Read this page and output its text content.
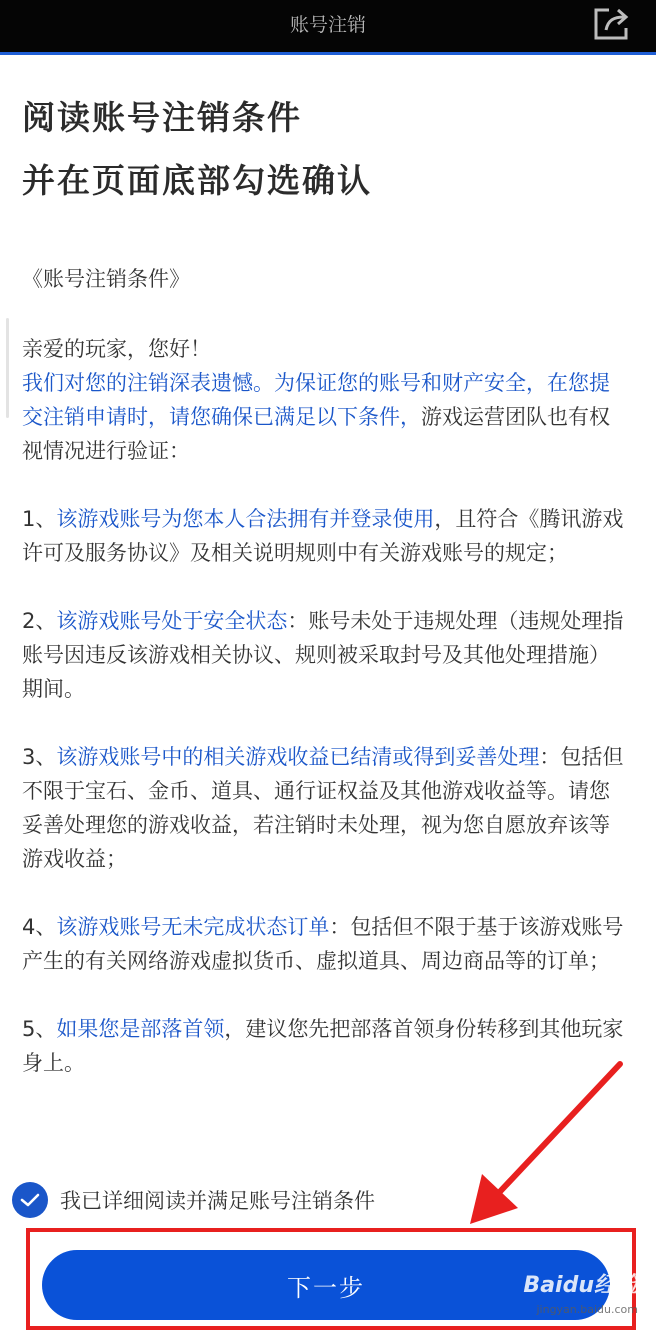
账号注销
阅读账号注销条件
并在页面底部勾选确认

《账号注销条件》

亲爱的玩家，您好！

我们对您的注销深表遗憾。为保证您的账号和财产安全，在您提交注销申请时，请您确保已满足以下条件，游戏运营团队也有权视情况进行验证：

1、该游戏账号为您本人合法拥有并登录使用，且符合《腾讯游戏许可及服务协议》及相关说明规则中有关游戏账号的规定；

2、该游戏账号处于安全状态：账号未处于违规处理（违规处理指账号因违反该游戏相关协议、规则被采取封号及其他处理措施）期间。

3、该游戏账号中的相关游戏收益已结清或得到妥善处理：包括但不限于宝石、金币、道具、通行证权益及其他游戏收益等。请您妥善处理您的游戏收益，若注销时未处理，视为您自愿放弃该等游戏收益；

4、该游戏账号无未完成状态订单：包括但不限于基于该游戏账号产生的有关网络游戏虚拟货币、虚拟道具、周边商品等的订单；

5、如果您是部落首领，建议您先把部落首领身份转移到其他玩家身上。

我已详细阅读并满足账号注销条件
下一步	Baidu经验
jingyan.baidu.com
